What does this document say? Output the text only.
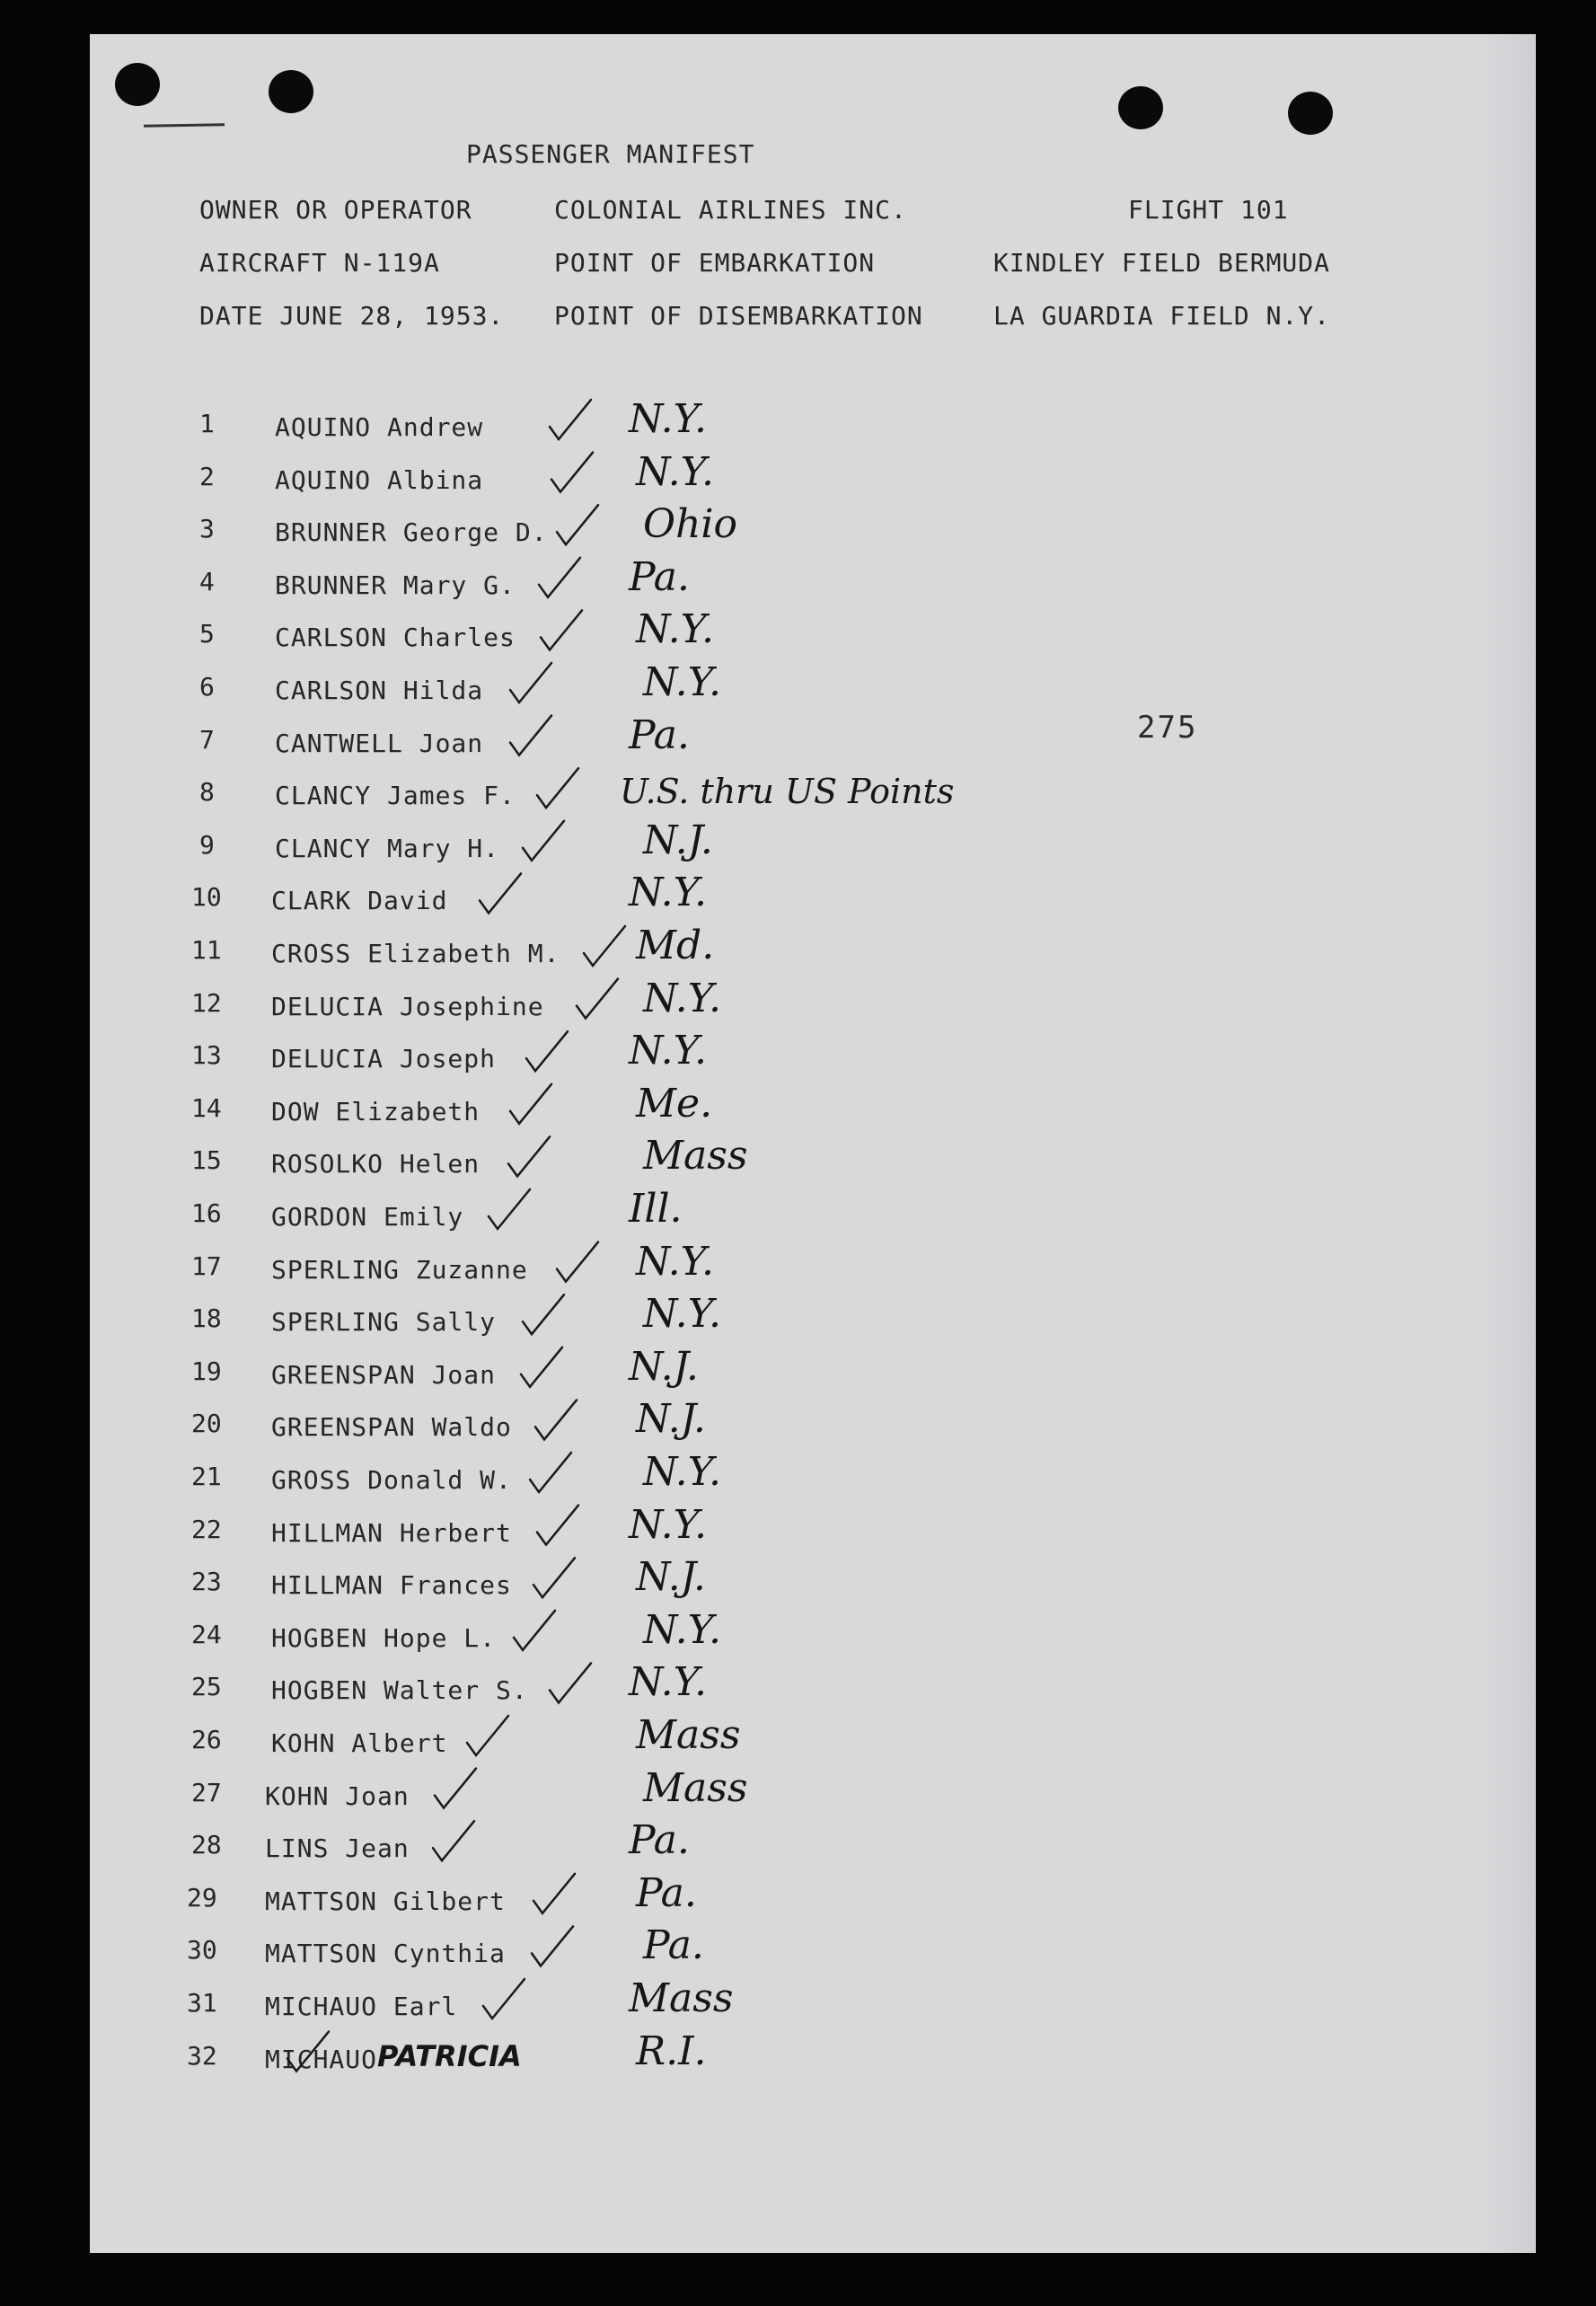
PASSENGER MANIFEST
OWNER OR OPERATOR	COLONIAL AIRLINES INC.	FLIGHT 101
AIRCRAFT N-119A	POINT OF EMBARKATION	KINDLEY FIELD BERMUDA
DATE JUNE 28, 1953. POINT OF DISEMBARKATION	LA GUARDIA FIELD N.Y.
275
1	AQUINO Andrew	N.Y.
2	AQUINO Albina	N.Y.
3	BRUNNER George D. Ohio
4	BRUNNER Mary G.	Pa.
5	CARLSON Charles	N.Y.
6	CARLSON Hilda	N.Y.
7	CANTWELL Joan	Pa.
8	CLANCY James F.	U.S. thru US Points
9	CLANCY Mary H.	N.J.
10	CLARK David	N.Y.
11	CROSS Elizabeth M. Md.
12	DELUCIA Josephine	N.Y.
13	DELUCIA Joseph	N.Y.
14	DOW Elizabeth	Me.
15	ROSOLKO Helen	Mass
16	GORDON Emily	Ill.
17	SPERLING Zuzanne	N.Y.
18	SPERLING Sally	N.Y.
19	GREENSPAN Joan	N.J.
20	GREENSPAN Waldo	N.J.
21	GROSS Donald W.	N.Y.
22	HILLMAN Herbert	N.Y.
23	HILLMAN Frances	N.J.
24	HOGBEN Hope L.	N.Y.
25	HOGBEN Walter S.	N.Y.
26	KOHN Albert	Mass
27	KOHN Joan	Mass
28	LINS Jean	Pa.
29	MATTSON Gilbert	Pa.
30	MATTSON Cynthia	Pa.
31	MICHAUO Earl	Mass
32	MICHAUO PATRICIA	R.I.
